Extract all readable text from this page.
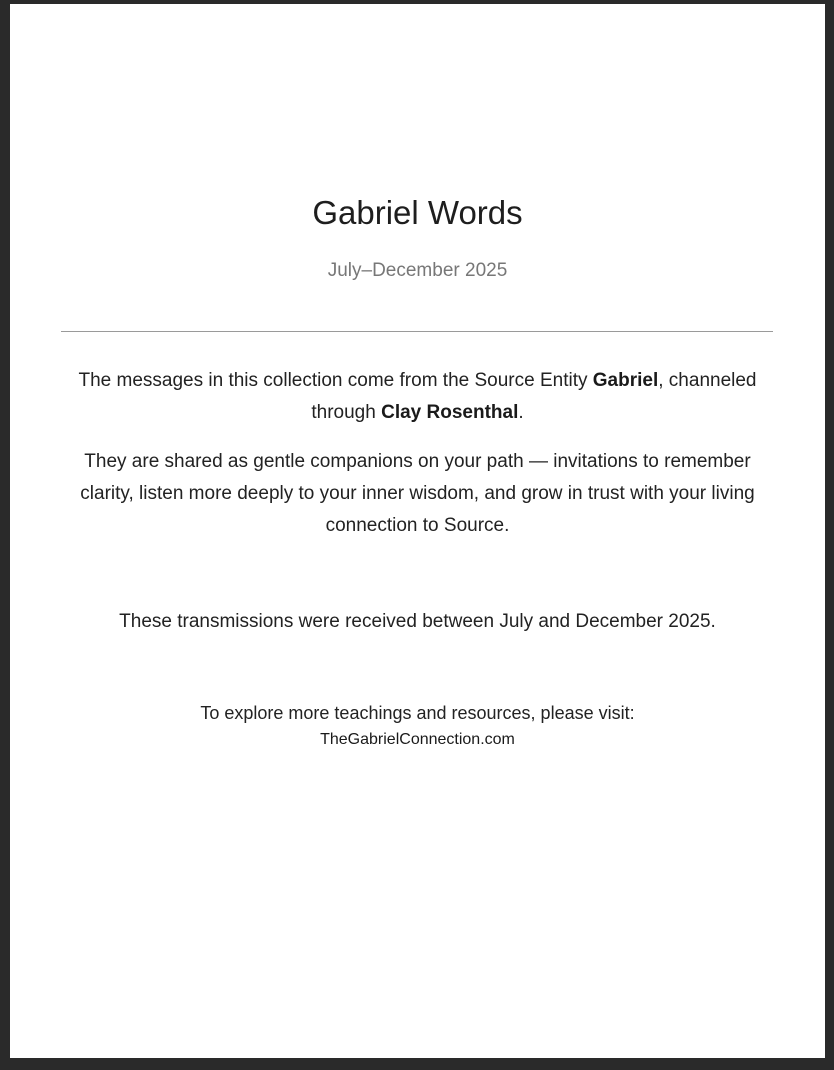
Gabriel Words
July–December 2025

The messages in this collection come from the Source Entity Gabriel, channeled through Clay Rosenthal.

They are shared as gentle companions on your path — invitations to remember clarity, listen more deeply to your inner wisdom, and grow in trust with your living connection to Source.

These transmissions were received between July and December 2025.

To explore more teachings and resources, please visit:
TheGabrielConnection.com
